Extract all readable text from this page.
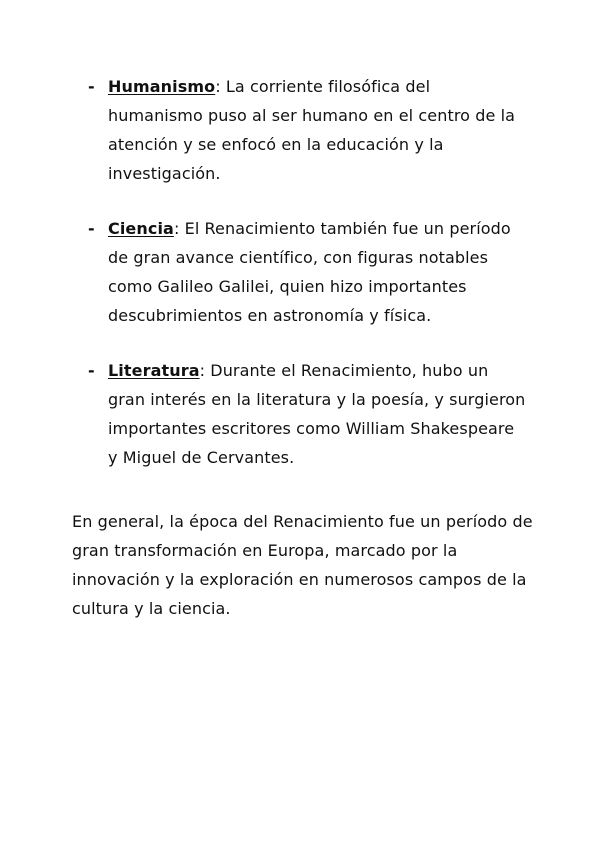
- Humanismo: La corriente filosófica del humanismo puso al ser humano en el centro de la atención y se enfocó en la educación y la investigación.
- Ciencia: El Renacimiento también fue un período de gran avance científico, con figuras notables como Galileo Galilei, quien hizo importantes descubrimientos en astronomía y física.
- Literatura: Durante el Renacimiento, hubo un gran interés en la literatura y la poesía, y surgieron importantes escritores como William Shakespeare y Miguel de Cervantes.

En general, la época del Renacimiento fue un período de gran transformación en Europa, marcado por la innovación y la exploración en numerosos campos de la cultura y la ciencia.
